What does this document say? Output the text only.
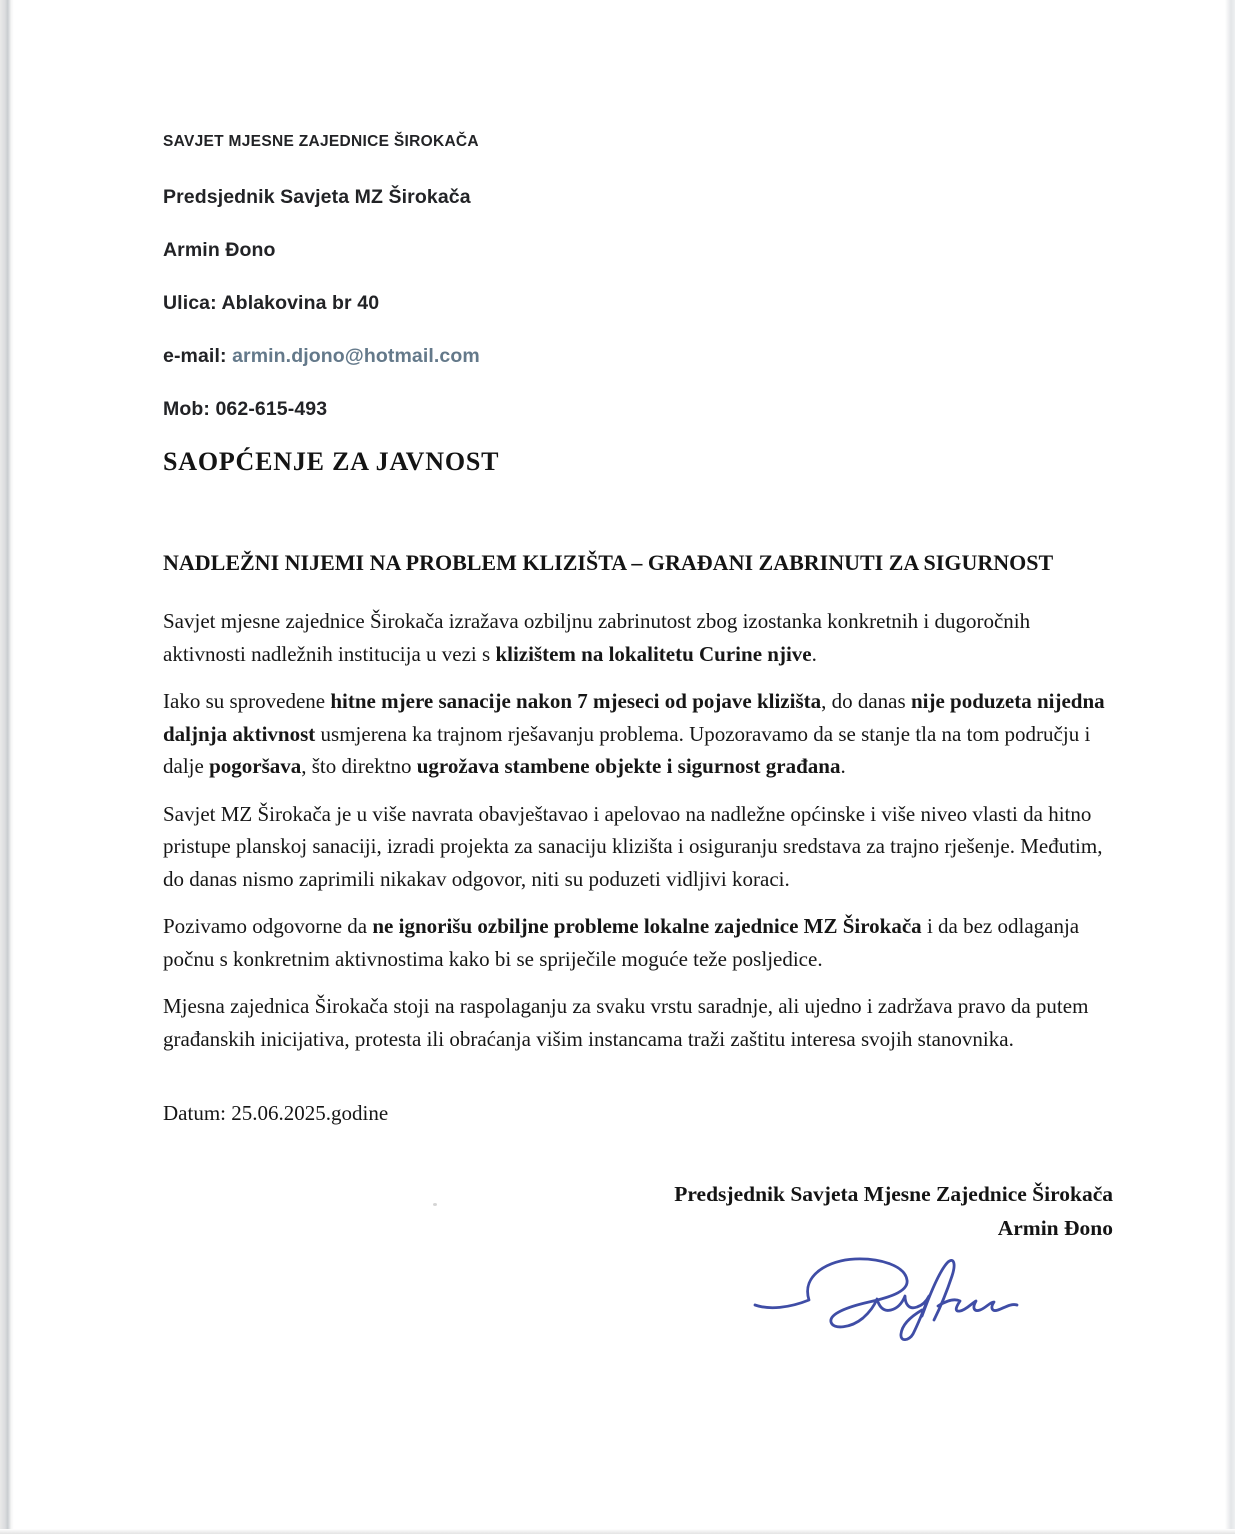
SAVJET MJESNE ZAJEDNICE ŠIROKAČA
Predsjednik Savjeta MZ Širokača
Armin Đono
Ulica: Ablakovina br 40
e-mail: armin.djono@hotmail.com
Mob: 062-615-493
SAOPĆENJE ZA JAVNOST
NADLEŽNI NIJEMI NA PROBLEM KLIZIŠTA – GRAĐANI ZABRINUTI ZA SIGURNOST

Savjet mjesne zajednice Širokača izražava ozbiljnu zabrinutost zbog izostanka konkretnih i dugoročnih aktivnosti nadležnih institucija u vezi s klizištem na lokalitetu Curine njive.

Iako su sprovedene hitne mjere sanacije nakon 7 mjeseci od pojave klizišta, do danas nije poduzeta nijedna daljnja aktivnost usmjerena ka trajnom rješavanju problema. Upozoravamo da se stanje tla na tom području i dalje pogoršava, što direktno ugrožava stambene objekte i sigurnost građana.

Savjet MZ Širokača je u više navrata obavještavao i apelovao na nadležne općinske i više niveo vlasti da hitno pristupe planskoj sanaciji, izradi projekta za sanaciju klizišta i osiguranju sredstava za trajno rješenje. Međutim, do danas nismo zaprimili nikakav odgovor, niti su poduzeti vidljivi koraci.

Pozivamo odgovorne da ne ignorišu ozbiljne probleme lokalne zajednice MZ Širokača i da bez odlaganja počnu s konkretnim aktivnostima kako bi se spriječile moguće teže posljedice.

Mjesna zajednica Širokača stoji na raspolaganju za svaku vrstu saradnje, ali ujedno i zadržava pravo da putem građanskih inicijativa, protesta ili obraćanja višim instancama traži zaštitu interesa svojih stanovnika.

Datum: 25.06.2025.godine
Predsjednik Savjeta Mjesne Zajednice Širokača
Armin Đono
